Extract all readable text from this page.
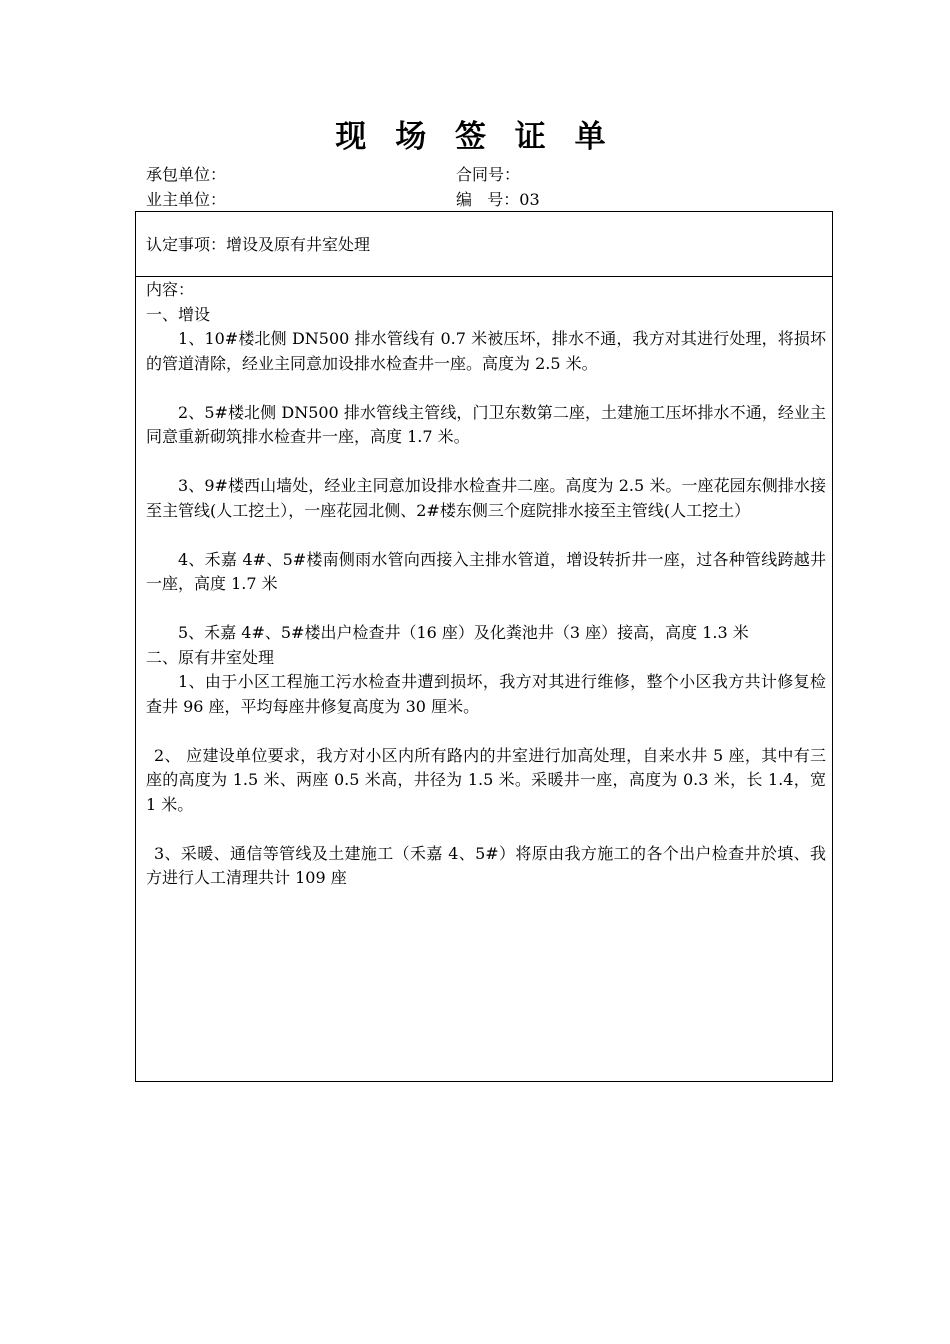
现 场 签 证 单
承包单位：	合同号：
业主单位：	编   号：03
认定事项：增设及原有井室处理

内容：

一、增设

1、10#楼北侧 DN500 排水管线有 0.7 米被压坏，排水不通，我方对其进行处理，将损坏的管道清除，经业主同意加设排水检查井一座。高度为 2.5 米。

2、5#楼北侧 DN500 排水管线主管线，门卫东数第二座，土建施工压坏排水不通，经业主同意重新砌筑排水检查井一座，高度 1.7 米。

3、9#楼西山墙处，经业主同意加设排水检查井二座。高度为 2.5 米。一座花园东侧排水接至主管线(人工挖土），一座花园北侧、2#楼东侧三个庭院排水接至主管线(人工挖土）

4、禾嘉 4#、5#楼南侧雨水管向西接入主排水管道，增设转折井一座，过各种管线跨越井一座，高度 1.7 米

5、禾嘉 4#、5#楼出户检查井（16 座）及化粪池井（3 座）接高，高度 1.3 米

二、原有井室处理

1、由于小区工程施工污水检查井遭到损坏，我方对其进行维修，整个小区我方共计修复检查井 96 座，平均每座井修复高度为 30 厘米。

2、 应建设单位要求，我方对小区内所有路内的井室进行加高处理，自来水井 5 座，其中有三座的高度为 1.5 米、两座 0.5 米高，井径为 1.5 米。采暖井一座，高度为 0.3 米，长 1.4，宽 1 米。

3、采暖、通信等管线及土建施工（禾嘉 4、5#）将原由我方施工的各个出户检查井於填、我方进行人工清理共计 109 座
